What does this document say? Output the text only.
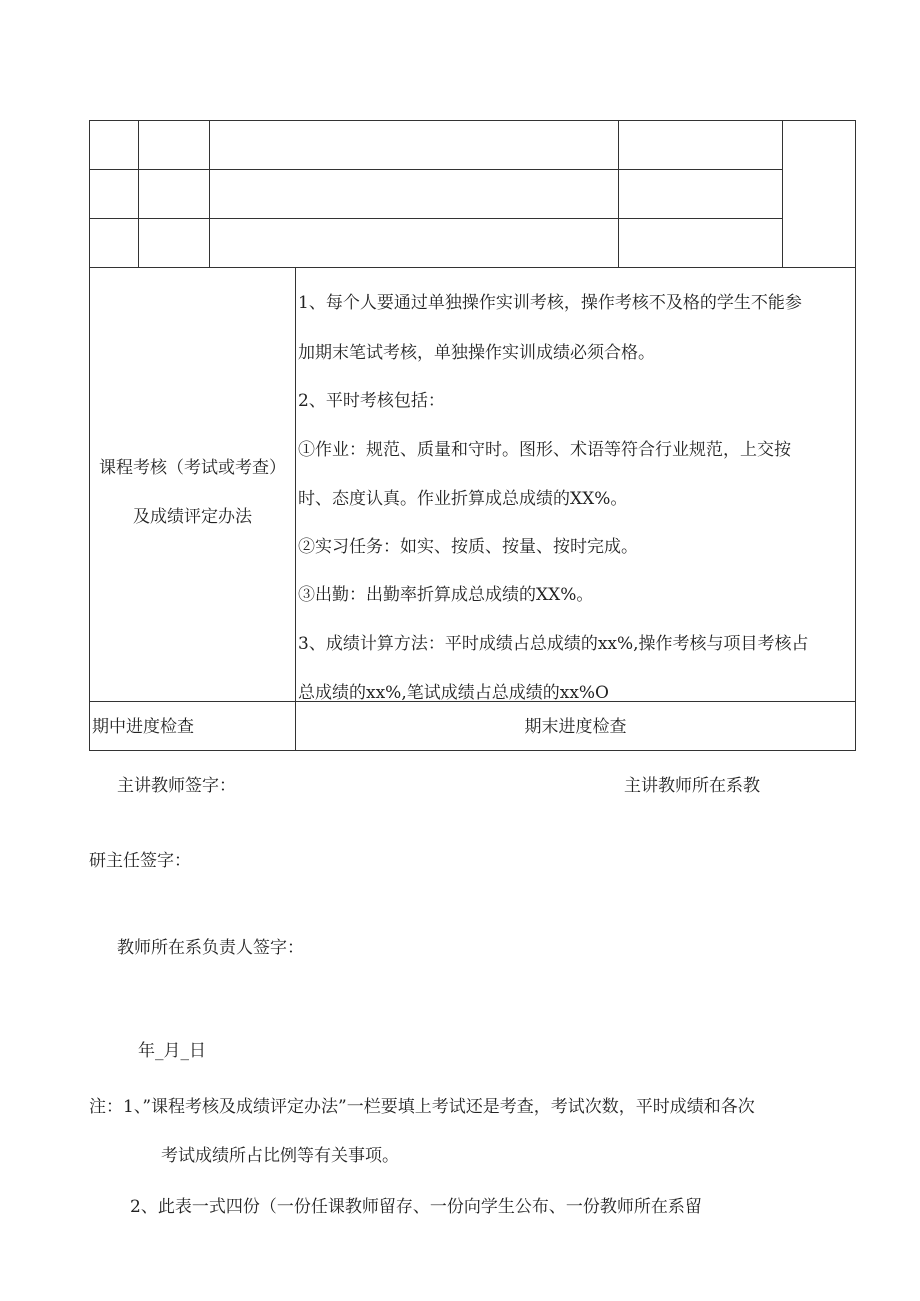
课程考核（考试或考查）
及成绩评定办法
1、每个人要通过单独操作实训考核，操作考核不及格的学生不能参
加期末笔试考核，单独操作实训成绩必须合格。
2、平时考核包括：
①作业：规范、质量和守时。图形、术语等符合行业规范，上交按
时、态度认真。作业折算成总成绩的XX%。
②实习任务：如实、按质、按量、按时完成。
③出勤：出勤率折算成总成绩的XX%。
3、成绩计算方法：平时成绩占总成绩的xx%,操作考核与项目考核占
总成绩的xx%,笔试成绩占总成绩的xx%O
期中进度检查	期末进度检查
主讲教师签字：	主讲教师所在系教
研主任签字：
教师所在系负责人签字：
年_月_日
注：1、”课程考核及成绩评定办法”一栏要填上考试还是考查，考试次数，平时成绩和各次
考试成绩所占比例等有关事项。
2、此表一式四份（一份任课教师留存、一份向学生公布、一份教师所在系留
